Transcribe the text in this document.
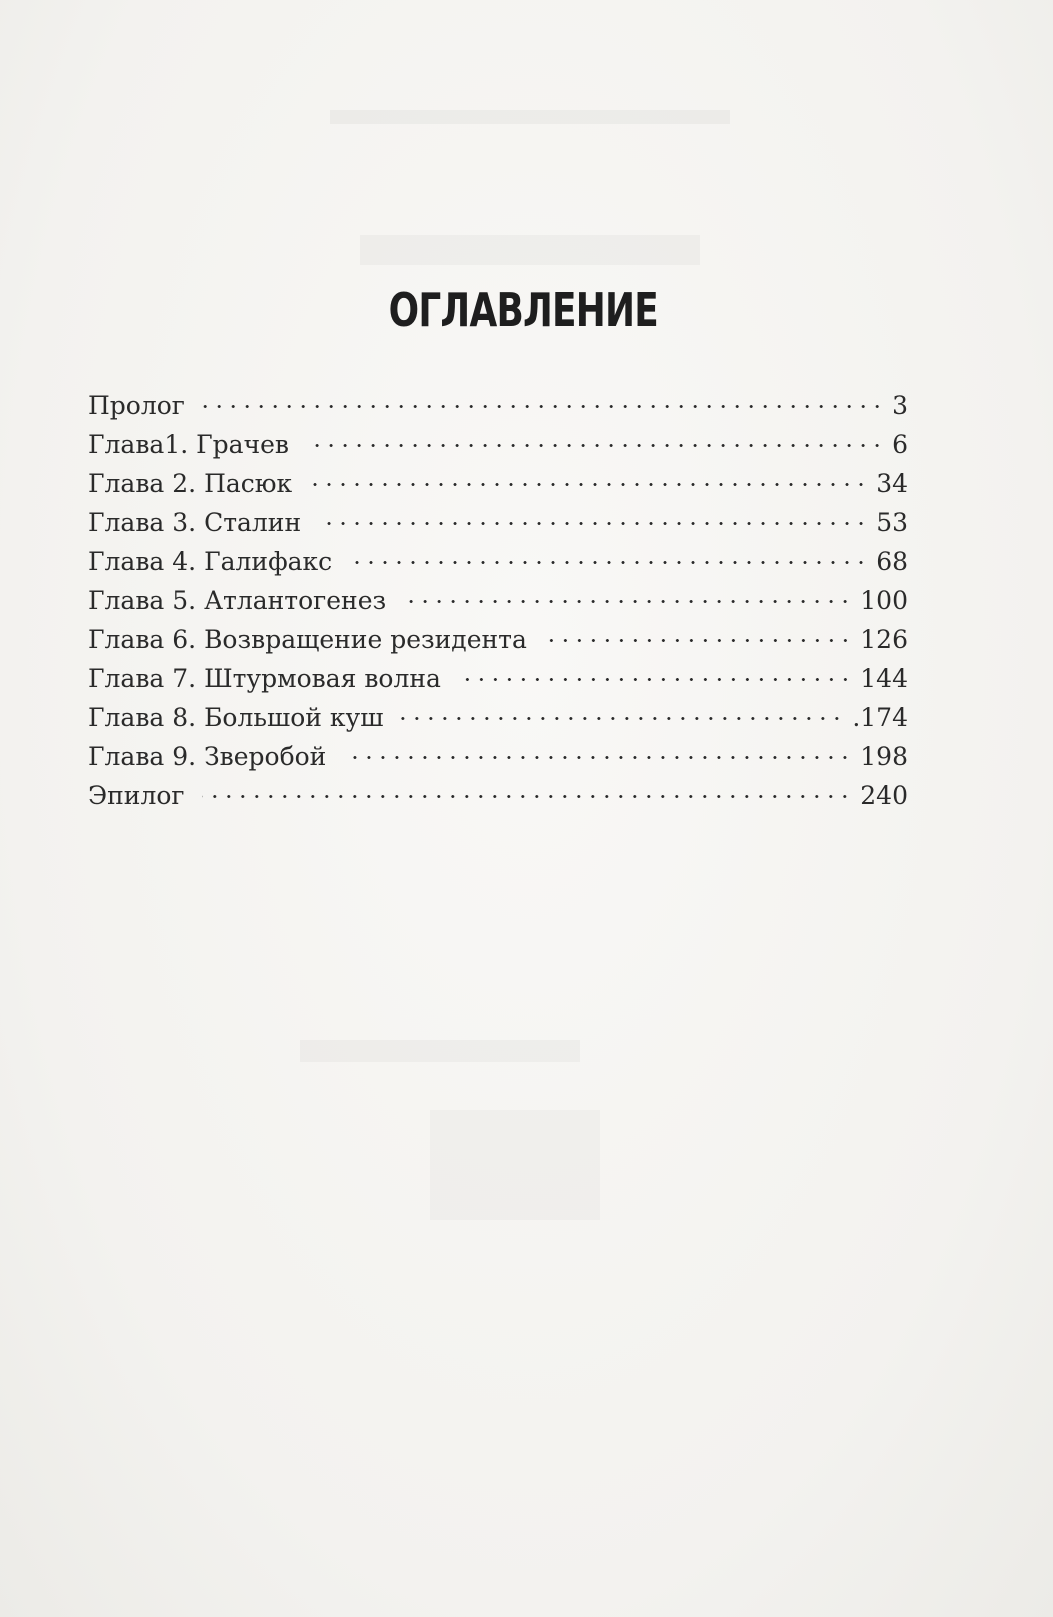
ОГЛАВЛЕНИЕ
Пролог	3
Глава1. Грачев	6
Глава 2. Пасюк	34
Глава 3. Сталин	53
Глава 4. Галифакс	68
Глава 5. Атлантогенез	100
Глава 6. Возвращение резидента	126
Глава 7. Штурмовая волна	144
Глава 8. Большой куш	.174
Глава 9. Зверобой	198
Эпилог	240
